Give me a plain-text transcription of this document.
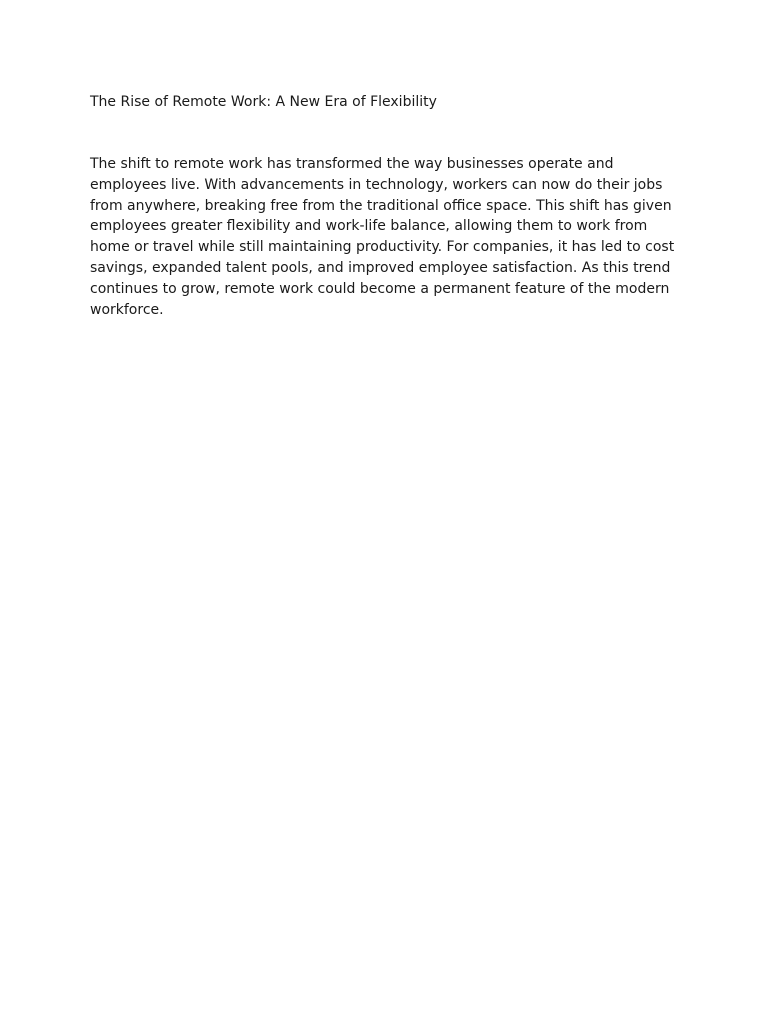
The Rise of Remote Work: A New Era of Flexibility

The shift to remote work has transformed the way businesses operate and employees live. With advancements in technology, workers can now do their jobs from anywhere, breaking free from the traditional office space. This shift has given employees greater flexibility and work-life balance, allowing them to work from home or travel while still maintaining productivity. For companies, it has led to cost savings, expanded talent pools, and improved employee satisfaction. As this trend continues to grow, remote work could become a permanent feature of the modern workforce.
